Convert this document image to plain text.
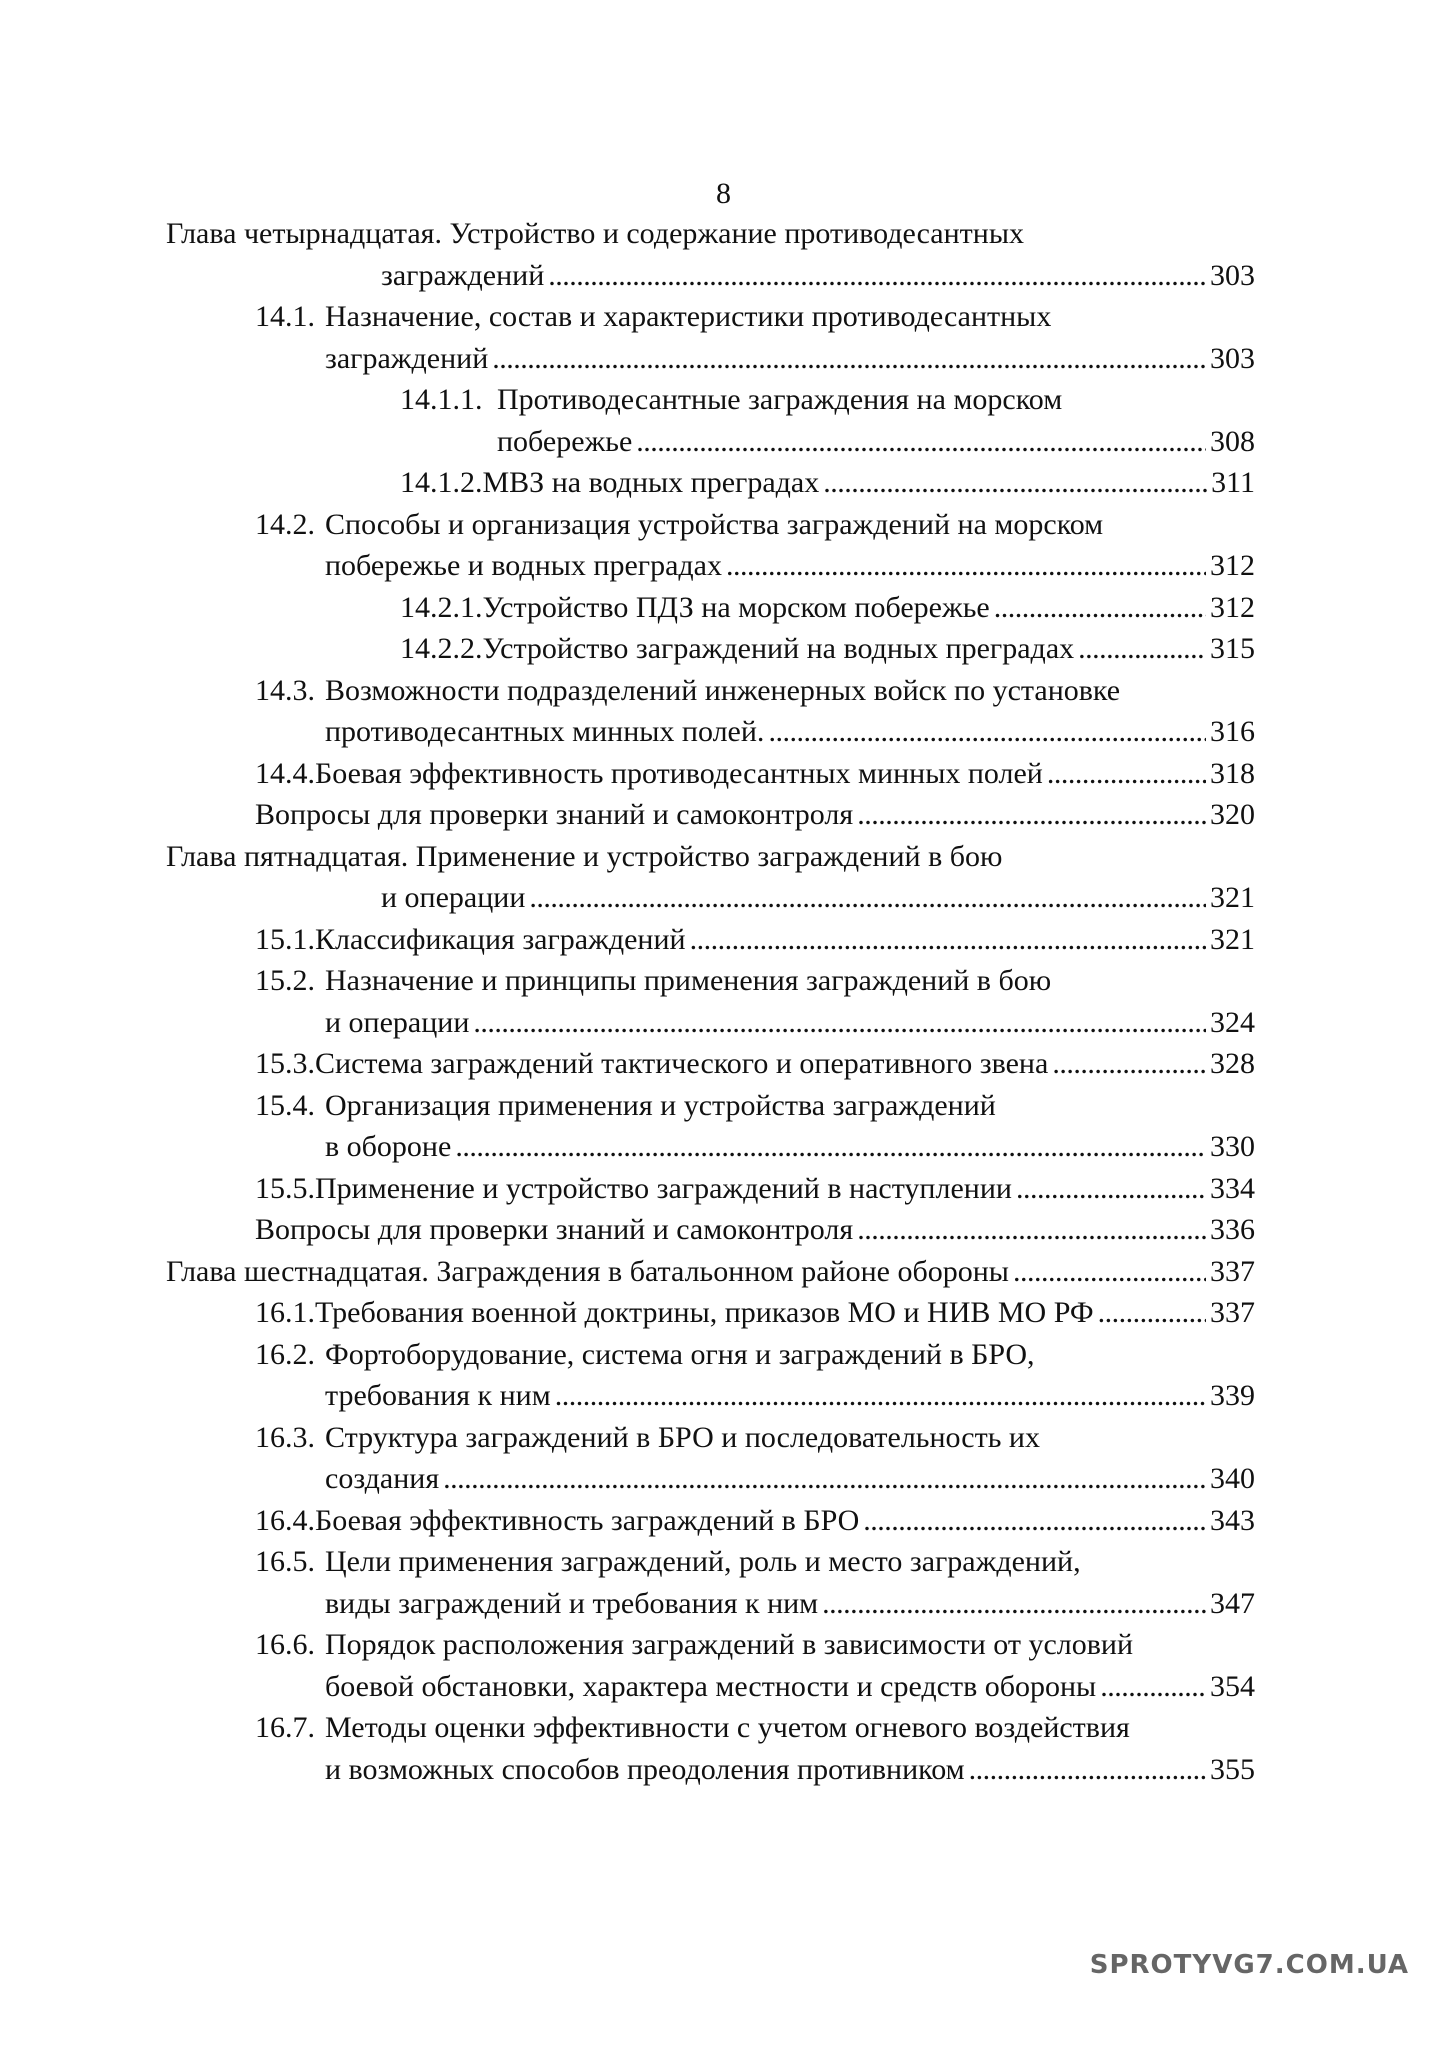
8
Глава четырнадцатая. Устройство и содержание противодесантных
заграждений . . .	303
14.1. Назначение, состав и характеристики противодесантных
заграждений . . .	303
14.1.1. Противодесантные заграждения на морском
побережье . . .	308
14.1.2. МВЗ на водных преградах . . .	311
14.2. Способы и организация устройства заграждений на морском
побережье и водных преградах . . .	312
14.2.1. Устройство ПДЗ на морском побережье . . .	312
14.2.2. Устройство заграждений на водных преградах . . .	315
14.3. Возможности подразделений инженерных войск по установке
противодесантных минных полей. . . .	316
14.4. Боевая эффективность противодесантных минных полей . . .	318
Вопросы для проверки знаний и самоконтроля . . .	320
Глава пятнадцатая. Применение и устройство заграждений в бою
и операции . . .	321
15.1. Классификация заграждений . . .	321
15.2. Назначение и принципы применения заграждений в бою
и операции . . .	324
15.3. Система заграждений тактического и оперативного звена . . .	328
15.4. Организация применения и устройства заграждений
в обороне . . .	330
15.5. Применение и устройство заграждений в наступлении . . .	334
Вопросы для проверки знаний и самоконтроля . . .	336
Глава шестнадцатая. Заграждения в батальонном районе обороны . . .	337
16.1. Требования военной доктрины, приказов МО и НИВ МО РФ . . .	337
16.2. Фортоборудование, система огня и заграждений в БРО,
требования к ним . . .	339
16.3. Структура заграждений в БРО и последовательность их
создания . . .	340
16.4. Боевая эффективность заграждений в БРО . . .	343
16.5. Цели применения заграждений, роль и место заграждений,
виды заграждений и требования к ним . . .	347
16.6. Порядок расположения заграждений в зависимости от условий
боевой обстановки, характера местности и средств обороны . . .	354
16.7. Методы оценки эффективности с учетом огневого воздействия
и возможных способов преодоления противником . . .	355
SPROTYVG7.COM.UA
